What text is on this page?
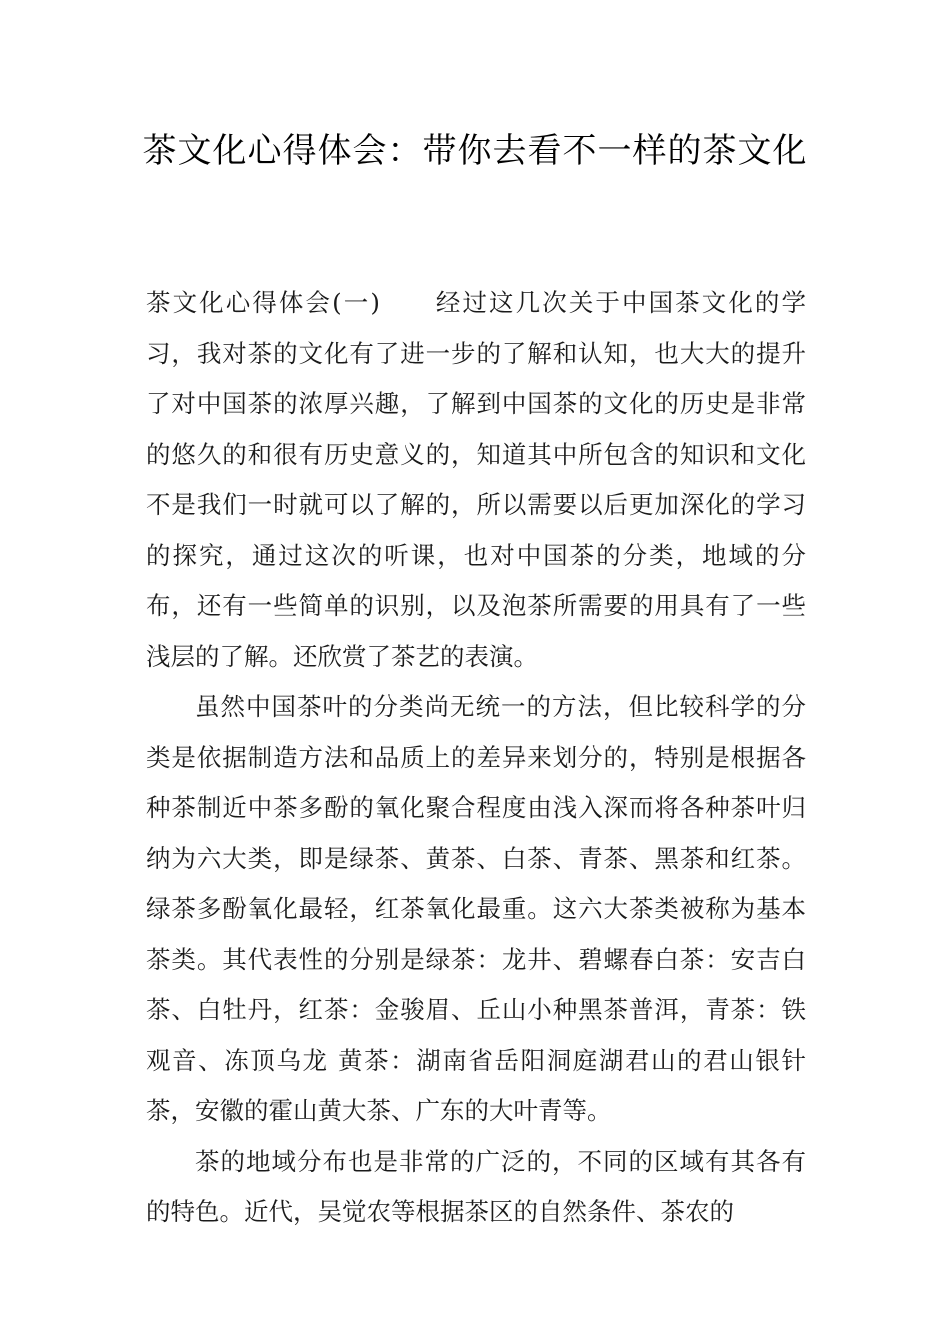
茶文化心得体会：带你去看不一样的茶文化

茶文化心得体会(一) 经过这几次关于中国茶文化的学习，我对茶的文化有了进一步的了解和认知，也大大的提升了对中国茶的浓厚兴趣，了解到中国茶的文化的历史是非常的悠久的和很有历史意义的，知道其中所包含的知识和文化不是我们一时就可以了解的，所以需要以后更加深化的学习的探究，通过这次的听课，也对中国茶的分类，地域的分布，还有一些简单的识别，以及泡茶所需要的用具有了一些浅层的了解。还欣赏了茶艺的表演。

虽然中国茶叶的分类尚无统一的方法，但比较科学的分类是依据制造方法和品质上的差异来划分的，特别是根据各种茶制近中茶多酚的氧化聚合程度由浅入深而将各种茶叶归纳为六大类，即是绿茶、黄茶、白茶、青茶、黑茶和红茶。绿茶多酚氧化最轻，红茶氧化最重。这六大茶类被称为基本茶类。其代表性的分别是绿茶：龙井、碧螺春白茶：安吉白茶、白牡丹，红茶：金骏眉、丘山小种黑茶普洱，青茶：铁观音、冻顶乌龙 黄茶：湖南省岳阳洞庭湖君山的君山银针茶，安徽的霍山黄大茶、广东的大叶青等。

茶的地域分布也是非常的广泛的，不同的区域有其各有的特色。近代，吴觉农等根据茶区的自然条件、茶农的
